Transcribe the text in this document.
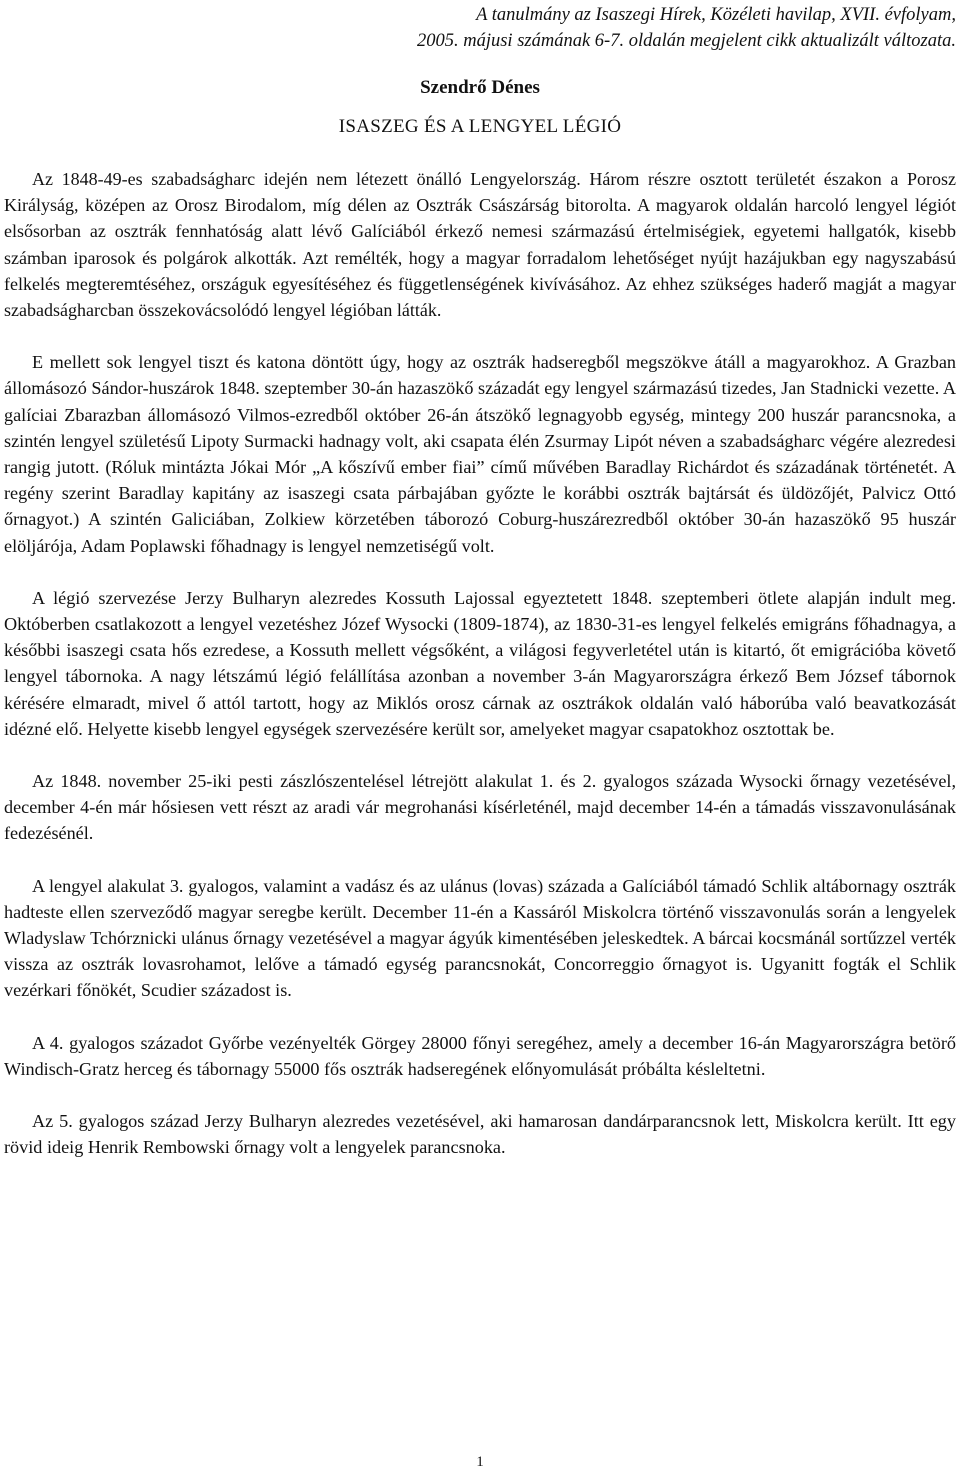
A tanulmány az Isaszegi Hírek, Közéleti havilap, XVII. évfolyam,
2005. májusi számának 6-7. oldalán megjelent cikk aktualizált változata.
Szendrő Dénes
ISASZEG ÉS A LENGYEL LÉGIÓ

Az 1848-49-es szabadságharc idején nem létezett önálló Lengyelország. Három részre osztott területét északon a Porosz Királyság, középen az Orosz Birodalom, míg délen az Osztrák Császárság bitorolta. A magyarok oldalán harcoló lengyel légiót elsősorban az osztrák fennhatóság alatt lévő Galíciából érkező nemesi származású értelmiségiek, egyetemi hallgatók, kisebb számban iparosok és polgárok alkották. Azt remélték, hogy a magyar forradalom lehetőséget nyújt hazájukban egy nagyszabású felkelés megteremtéséhez, országuk egyesítéséhez és függetlenségének kivívásához. Az ehhez szükséges haderő magját a magyar szabadságharcban összekovácsolódó lengyel légióban látták.

E mellett sok lengyel tiszt és katona döntött úgy, hogy az osztrák hadseregből megszökve átáll a magyarokhoz. A Grazban állomásozó Sándor-huszárok 1848. szeptember 30-án hazaszökő századát egy lengyel származású tizedes, Jan Stadnicki vezette. A galíciai Zbarazban állomásozó Vilmos-ezredből október 26-án átszökő legnagyobb egység, mintegy 200 huszár parancsnoka, a szintén lengyel születésű Lipoty Surmacki hadnagy volt, aki csapata élén Zsurmay Lipót néven a szabadságharc végére alezredesi rangig jutott. (Róluk mintázta Jókai Mór „A kőszívű ember fiai” című művében Baradlay Richárdot és századának történetét. A regény szerint Baradlay kapitány az isaszegi csata párbajában győzte le korábbi osztrák bajtársát és üldözőjét, Palvicz Ottó őrnagyot.) A szintén Galiciában, Zolkiew körzetében táborozó Coburg-huszárezredből október 30-án hazaszökő 95 huszár elöljárója, Adam Poplawski főhadnagy is lengyel nemzetiségű volt.

A légió szervezése Jerzy Bulharyn alezredes Kossuth Lajossal egyeztetett 1848. szeptemberi ötlete alapján indult meg. Októberben csatlakozott a lengyel vezetéshez Józef Wysocki (1809-1874), az 1830-31-es lengyel felkelés emigráns főhadnagya, a későbbi isaszegi csata hős ezredese, a Kossuth mellett végsőként, a világosi fegyverletétel után is kitartó, őt emigrációba követő lengyel tábornoka. A nagy létszámú légió felállítása azonban a november 3-án Magyarországra érkező Bem József tábornok kérésére elmaradt, mivel ő attól tartott, hogy az Miklós orosz cárnak az osztrákok oldalán való háborúba való beavatkozását idézné elő. Helyette kisebb lengyel egységek szervezésére került sor, amelyeket magyar csapatokhoz osztottak be.

Az 1848. november 25-iki pesti zászlószentelésel létrejött alakulat 1. és 2. gyalogos százada Wysocki őrnagy vezetésével, december 4-én már hősiesen vett részt az aradi vár megrohanási kísérleténél, majd december 14-én a támadás visszavonulásának fedezésénél.

A lengyel alakulat 3. gyalogos, valamint a vadász és az ulánus (lovas) százada a Galíciából támadó Schlik altábornagy osztrák hadteste ellen szerveződő magyar seregbe került. December 11-én a Kassáról Miskolcra történő visszavonulás során a lengyelek Wladyslaw Tchórznicki ulánus őrnagy vezetésével a magyar ágyúk kimentésében jeleskedtek. A bárcai kocsmánál sortűzzel verték vissza az osztrák lovasrohamot, lelőve a támadó egység parancsnokát, Concorreggio őrnagyot is. Ugyanitt fogták el Schlik vezérkari főnökét, Scudier századost is.

A 4. gyalogos századot Győrbe vezényelték Görgey 28000 főnyi seregéhez, amely a december 16-án Magyarországra betörő Windisch-Gratz herceg és tábornagy 55000 fős osztrák hadseregének előnyomulását próbálta késleltetni.

Az 5. gyalogos század Jerzy Bulharyn alezredes vezetésével, aki hamarosan dandárparancsnok lett, Miskolcra került. Itt egy rövid ideig Henrik Rembowski őrnagy volt a lengyelek parancsnoka.

1
